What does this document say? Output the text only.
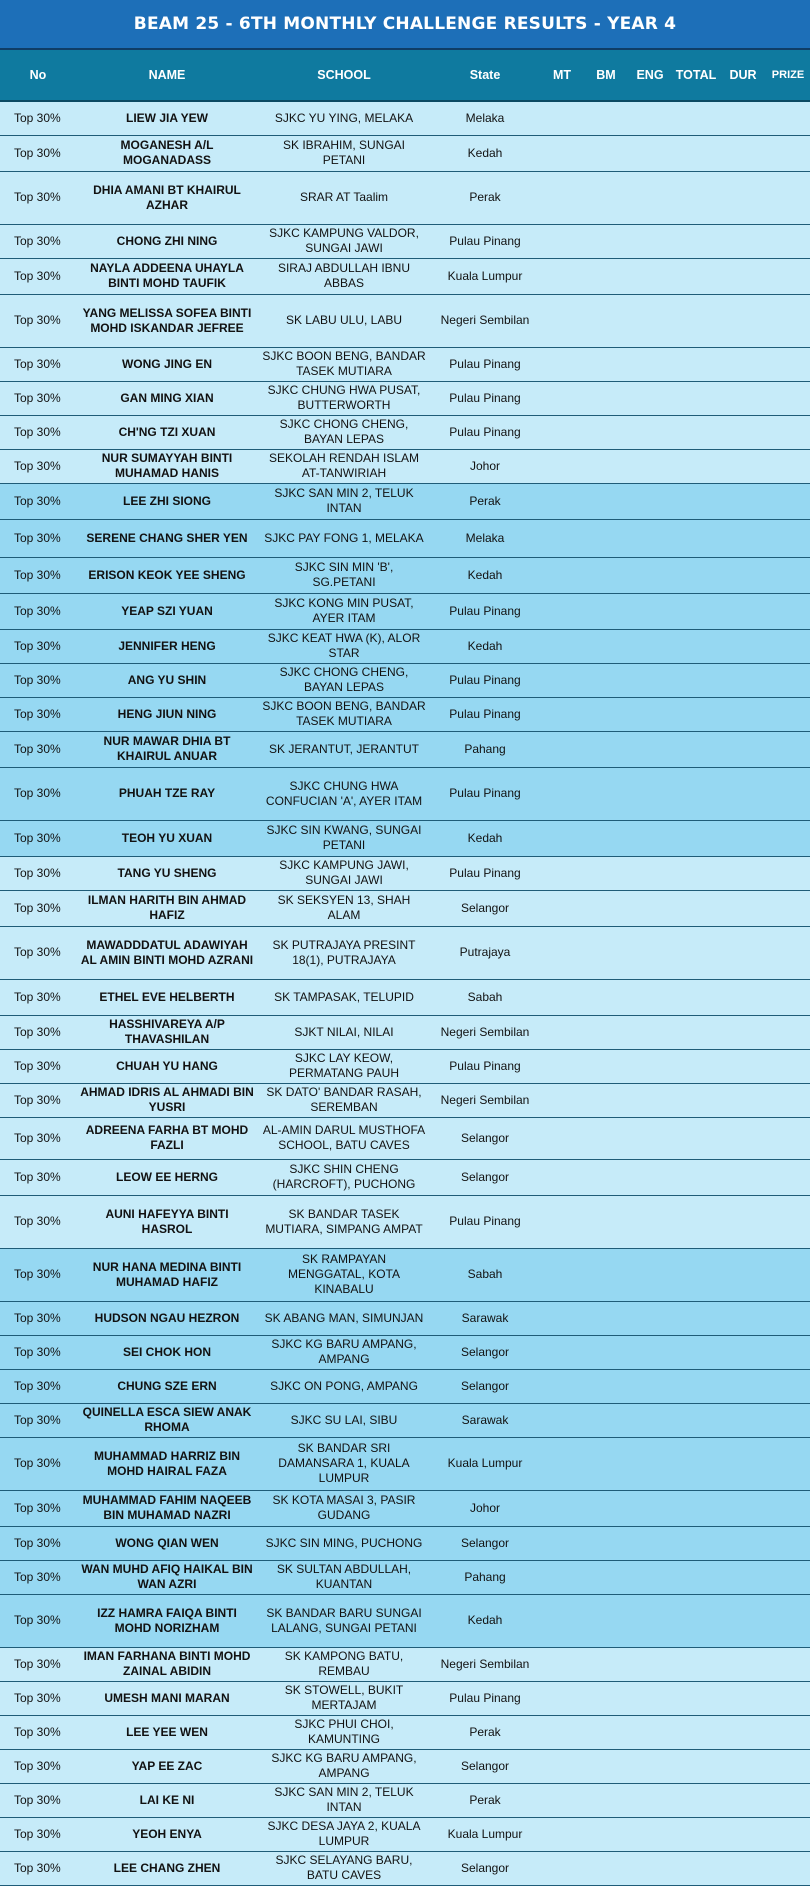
BEAM 25 - 6TH MONTHLY CHALLENGE RESULTS - YEAR 4
No	NAME	SCHOOL	State	MT	BM	ENG	TOTAL	DUR	PRIZE
Top 30%	LIEW JIA YEW	SJKC YU YING, MELAKA	Melaka						
Top 30%	MOGANESH A/L MOGANADASS	SK IBRAHIM, SUNGAI PETANI	Kedah						
Top 30%	DHIA AMANI BT KHAIRUL AZHAR	SRAR AT Taalim	Perak						
Top 30%	CHONG ZHI NING	SJKC KAMPUNG VALDOR, SUNGAI JAWI	Pulau Pinang						
Top 30%	NAYLA ADDEENA UHAYLA BINTI MOHD TAUFIK	SIRAJ ABDULLAH IBNU ABBAS	Kuala Lumpur						
Top 30%	YANG MELISSA SOFEA BINTI MOHD ISKANDAR JEFREE	SK LABU ULU, LABU	Negeri Sembilan						
Top 30%	WONG JING EN	SJKC BOON BENG, BANDAR TASEK MUTIARA	Pulau Pinang						
Top 30%	GAN MING XIAN	SJKC CHUNG HWA PUSAT, BUTTERWORTH	Pulau Pinang						
Top 30%	CH'NG TZI XUAN	SJKC CHONG CHENG, BAYAN LEPAS	Pulau Pinang						
Top 30%	NUR SUMAYYAH BINTI MUHAMAD HANIS	SEKOLAH RENDAH ISLAM AT-TANWIRIAH	Johor						
Top 30%	LEE ZHI SIONG	SJKC SAN MIN 2, TELUK INTAN	Perak						
Top 30%	SERENE CHANG SHER YEN	SJKC PAY FONG 1, MELAKA	Melaka						
Top 30%	ERISON KEOK YEE SHENG	SJKC SIN MIN 'B', SG.PETANI	Kedah						
Top 30%	YEAP SZI YUAN	SJKC KONG MIN PUSAT, AYER ITAM	Pulau Pinang						
Top 30%	JENNIFER HENG	SJKC KEAT HWA (K), ALOR STAR	Kedah						
Top 30%	ANG YU SHIN	SJKC CHONG CHENG, BAYAN LEPAS	Pulau Pinang						
Top 30%	HENG JIUN NING	SJKC BOON BENG, BANDAR TASEK MUTIARA	Pulau Pinang						
Top 30%	NUR MAWAR DHIA BT KHAIRUL ANUAR	SK JERANTUT, JERANTUT	Pahang						
Top 30%	PHUAH TZE RAY	SJKC CHUNG HWA CONFUCIAN 'A', AYER ITAM	Pulau Pinang						
Top 30%	TEOH YU XUAN	SJKC SIN KWANG, SUNGAI PETANI	Kedah						
Top 30%	TANG YU SHENG	SJKC KAMPUNG JAWI, SUNGAI JAWI	Pulau Pinang						
Top 30%	ILMAN HARITH BIN AHMAD HAFIZ	SK SEKSYEN 13, SHAH ALAM	Selangor						
Top 30%	MAWADDDATUL ADAWIYAH AL AMIN BINTI MOHD AZRANI	SK PUTRAJAYA PRESINT 18(1), PUTRAJAYA	Putrajaya						
Top 30%	ETHEL EVE HELBERTH	SK TAMPASAK, TELUPID	Sabah						
Top 30%	HASSHIVAREYA A/P THAVASHILAN	SJKT NILAI, NILAI	Negeri Sembilan						
Top 30%	CHUAH YU HANG	SJKC LAY KEOW, PERMATANG PAUH	Pulau Pinang						
Top 30%	AHMAD IDRIS AL AHMADI BIN YUSRI	SK DATO' BANDAR RASAH, SEREMBAN	Negeri Sembilan						
Top 30%	ADREENA FARHA BT MOHD FAZLI	AL-AMIN DARUL MUSTHOFA SCHOOL, BATU CAVES	Selangor						
Top 30%	LEOW EE HERNG	SJKC SHIN CHENG (HARCROFT), PUCHONG	Selangor						
Top 30%	AUNI HAFEYYA BINTI HASROL	SK BANDAR TASEK MUTIARA, SIMPANG AMPAT	Pulau Pinang						
Top 30%	NUR HANA MEDINA BINTI MUHAMAD HAFIZ	SK RAMPAYAN MENGGATAL, KOTA KINABALU	Sabah						
Top 30%	HUDSON NGAU HEZRON	SK ABANG MAN, SIMUNJAN	Sarawak						
Top 30%	SEI CHOK HON	SJKC KG BARU AMPANG, AMPANG	Selangor						
Top 30%	CHUNG SZE ERN	SJKC ON PONG, AMPANG	Selangor						
Top 30%	QUINELLA ESCA SIEW ANAK RHOMA	SJKC SU LAI, SIBU	Sarawak						
Top 30%	MUHAMMAD HARRIZ BIN MOHD HAIRAL FAZA	SK BANDAR SRI DAMANSARA 1, KUALA LUMPUR	Kuala Lumpur						
Top 30%	MUHAMMAD FAHIM NAQEEB BIN MUHAMAD NAZRI	SK KOTA MASAI 3, PASIR GUDANG	Johor						
Top 30%	WONG QIAN WEN	SJKC SIN MING, PUCHONG	Selangor						
Top 30%	WAN MUHD AFIQ HAIKAL BIN WAN AZRI	SK SULTAN ABDULLAH, KUANTAN	Pahang						
Top 30%	IZZ HAMRA FAIQA BINTI MOHD NORIZHAM	SK BANDAR BARU SUNGAI LALANG, SUNGAI PETANI	Kedah						
Top 30%	IMAN FARHANA BINTI MOHD ZAINAL ABIDIN	SK KAMPONG BATU, REMBAU	Negeri Sembilan						
Top 30%	UMESH MANI MARAN	SK STOWELL, BUKIT MERTAJAM	Pulau Pinang						
Top 30%	LEE YEE WEN	SJKC PHUI CHOI, KAMUNTING	Perak						
Top 30%	YAP EE ZAC	SJKC KG BARU AMPANG, AMPANG	Selangor						
Top 30%	LAI KE NI	SJKC SAN MIN 2, TELUK INTAN	Perak						
Top 30%	YEOH ENYA	SJKC DESA JAYA 2, KUALA LUMPUR	Kuala Lumpur						
Top 30%	LEE CHANG ZHEN	SJKC SELAYANG BARU, BATU CAVES	Selangor						
